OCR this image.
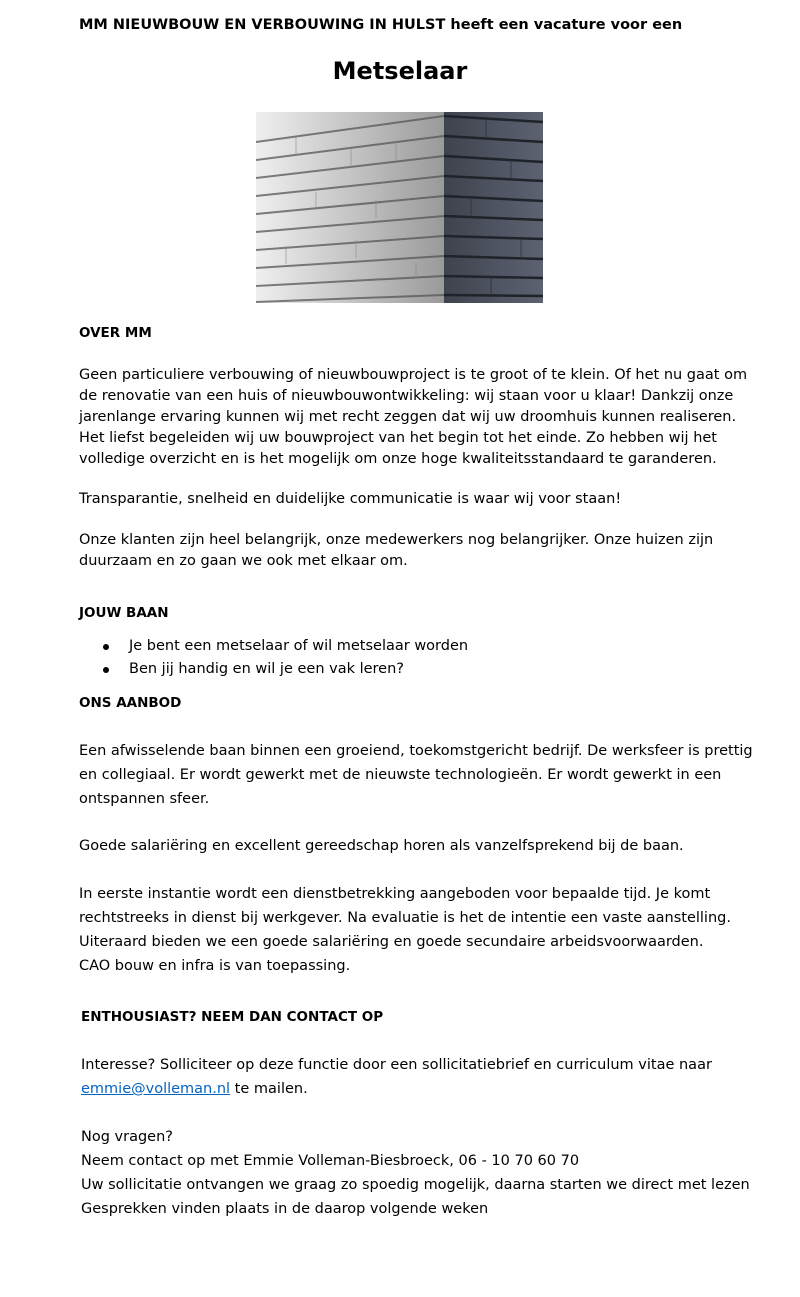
MM NIEUWBOUW EN VERBOUWING IN HULST heeft een vacature voor een
Metselaar
OVER MM

Geen particuliere verbouwing of nieuwbouwproject is te groot of te klein. Of het nu gaat om
de renovatie van een huis of nieuwbouwontwikkeling: wij staan voor u klaar! Dankzij onze
jarenlange ervaring kunnen wij met recht zeggen dat wij uw droomhuis kunnen realiseren.
Het liefst begeleiden wij uw bouwproject van het begin tot het einde. Zo hebben wij het
volledige overzicht en is het mogelijk om onze hoge kwaliteitsstandaard te garanderen.

Transparantie, snelheid en duidelijke communicatie is waar wij voor staan!

Onze klanten zijn heel belangrijk, onze medewerkers nog belangrijker. Onze huizen zijn
duurzaam en zo gaan we ook met elkaar om.

JOUW BAAN
Je bent een metselaar of wil metselaar worden
Ben jij handig en wil je een vak leren?
ONS AANBOD

Een afwisselende baan binnen een groeiend, toekomstgericht bedrijf. De werksfeer is prettig
en collegiaal. Er wordt gewerkt met de nieuwste technologieën. Er wordt gewerkt in een
ontspannen sfeer.

Goede salariëring en excellent gereedschap horen als vanzelfsprekend bij de baan.

In eerste instantie wordt een dienstbetrekking aangeboden voor bepaalde tijd. Je komt
rechtstreeks in dienst bij werkgever. Na evaluatie is het de intentie een vaste aanstelling.
Uiteraard bieden we een goede salariëring en goede secundaire arbeidsvoorwaarden.
CAO bouw en infra is van toepassing.

ENTHOUSIAST? NEEM DAN CONTACT OP

Interesse? Solliciteer op deze functie door een sollicitatiebrief en curriculum vitae naar
emmie@volleman.nl te mailen.

Nog vragen?
Neem contact op met Emmie Volleman-Biesbroeck, 06 - 10 70 60 70
Uw sollicitatie ontvangen we graag zo spoedig mogelijk, daarna starten we direct met lezen
Gesprekken vinden plaats in de daarop volgende weken
